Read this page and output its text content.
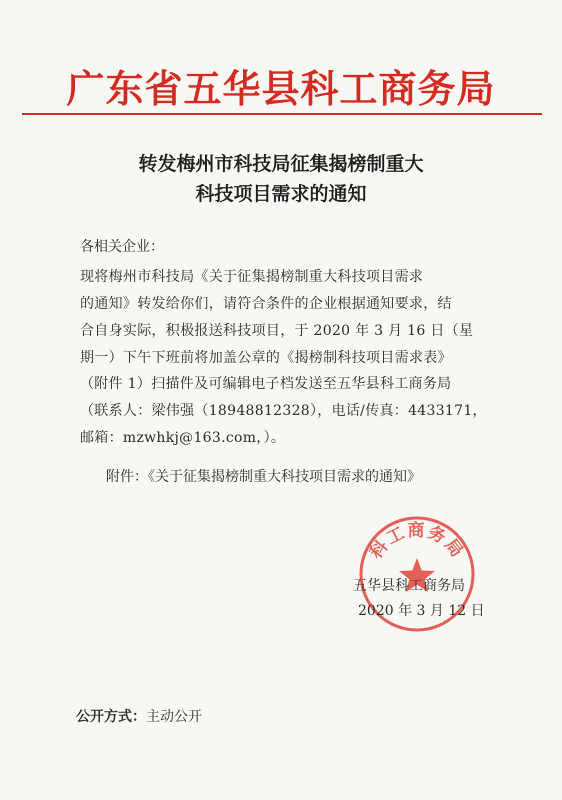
广东省五华县科工商务局
转发梅州市科技局征集揭榜制重大
科技项目需求的通知
各相关企业：
现将梅州市科技局《关于征集揭榜制重大科技项目需求
的通知》转发给你们，请符合条件的企业根据通知要求，结
合自身实际，积极报送科技项目，于 2020 年 3 月 16 日（星
期一）下午下班前将加盖公章的《揭榜制科技项目需求表》
（附件 1）扫描件及可编辑电子档发送至五华县科工商务局
（联系人：梁伟强（18948812328），电话/传真：4433171，
邮箱：mzwhkj@163.com，）。
附件：《关于征集揭榜制重大科技项目需求的通知》
科工商务局
五华县科工商务局
2020 年 3 月 12 日
公开方式：主动公开
